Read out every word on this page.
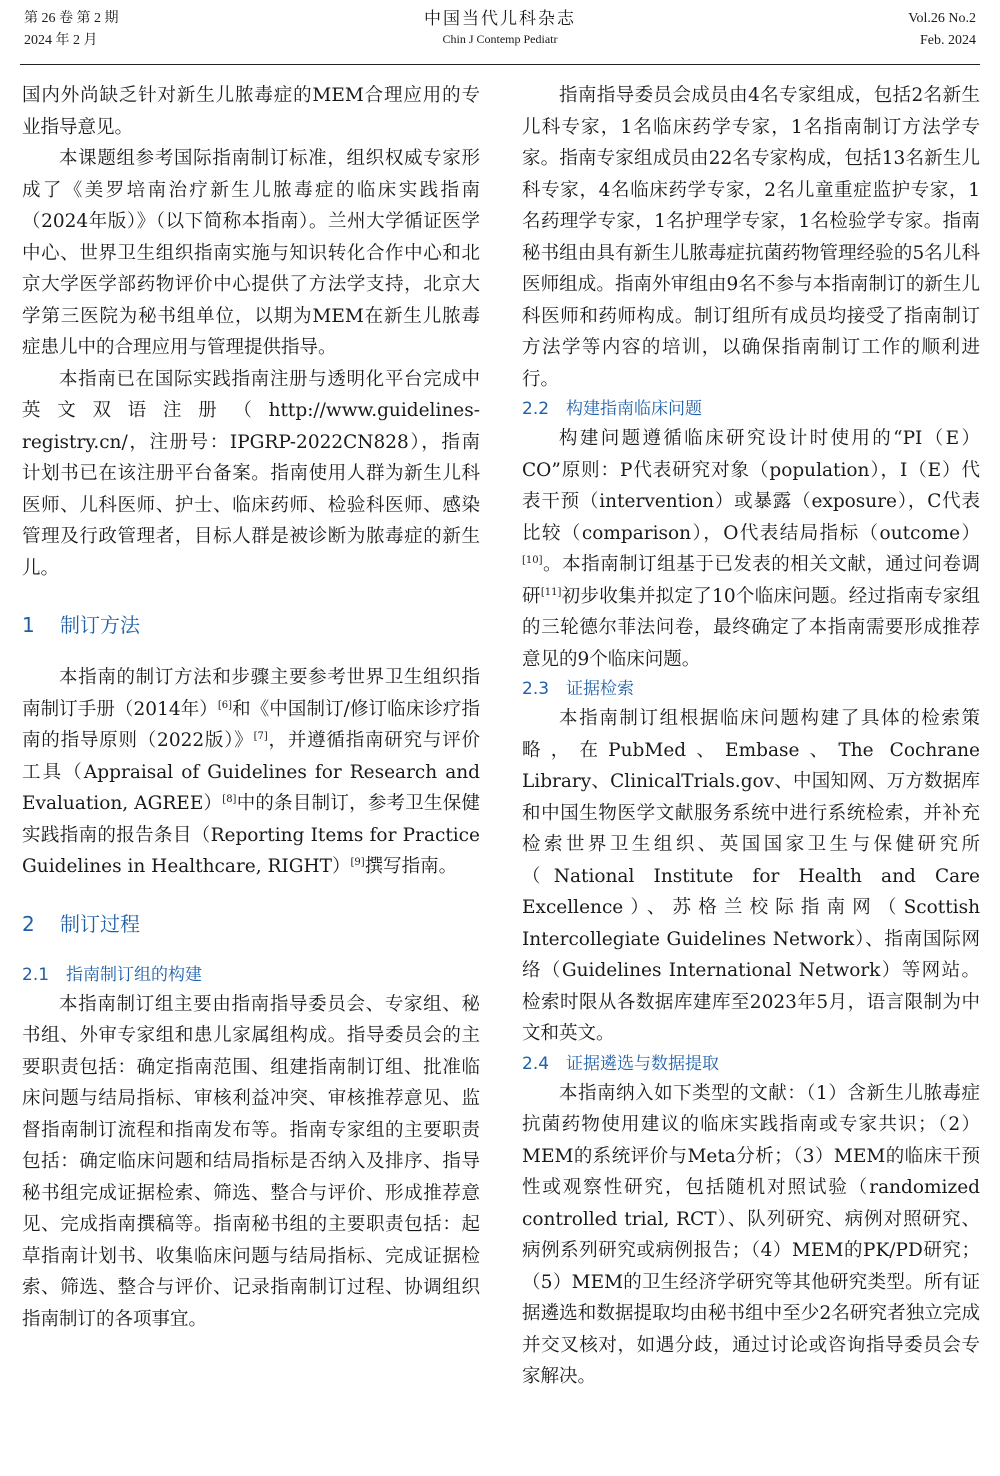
第 26 卷 第 2 期
2024 年 2 月
中国当代儿科杂志
Chin J Contemp Pediatr
Vol.26 No.2
Feb. 2024

国内外尚缺乏针对新生儿脓毒症的MEM合理应用的专业指导意见。

本课题组参考国际指南制订标准，组织权威专家形成了《美罗培南治疗新生儿脓毒症的临床实践指南（2024年版）》（以下简称本指南）。兰州大学循证医学中心、世界卫生组织指南实施与知识转化合作中心和北京大学医学部药物评价中心提供了方法学支持，北京大学第三医院为秘书组单位，以期为MEM在新生儿脓毒症患儿中的合理应用与管理提供指导。

本指南已在国际实践指南注册与透明化平台完成中英文双语注册（http://www.guidelines-registry.cn/，注册号：IPGRP-2022CN828），指南计划书已在该注册平台备案。指南使用人群为新生儿科医师、儿科医师、护士、临床药师、检验科医师、感染管理及行政管理者，目标人群是被诊断为脓毒症的新生儿。

1 制订方法

本指南的制订方法和步骤主要参考世界卫生组织指南制订手册（2014年）[6]和《中国制订/修订临床诊疗指南的指导原则（2022版）》[7]，并遵循指南研究与评价工具（Appraisal of Guidelines for Research and Evaluation, AGREE）[8]中的条目制订，参考卫生保健实践指南的报告条目（Reporting Items for Practice Guidelines in Healthcare, RIGHT）[9]撰写指南。

2 制订过程
2.1 指南制订组的构建

本指南制订组主要由指南指导委员会、专家组、秘书组、外审专家组和患儿家属组构成。指导委员会的主要职责包括：确定指南范围、组建指南制订组、批准临床问题与结局指标、审核利益冲突、审核推荐意见、监督指南制订流程和指南发布等。指南专家组的主要职责包括：确定临床问题和结局指标是否纳入及排序、指导秘书组完成证据检索、筛选、整合与评价、形成推荐意见、完成指南撰稿等。指南秘书组的主要职责包括：起草指南计划书、收集临床问题与结局指标、完成证据检索、筛选、整合与评价、记录指南制订过程、协调组织指南制订的各项事宜。

指南指导委员会成员由4名专家组成，包括2名新生儿科专家，1名临床药学专家，1名指南制订方法学专家。指南专家组成员由22名专家构成，包括13名新生儿科专家，4名临床药学专家，2名儿童重症监护专家，1名药理学专家，1名护理学专家，1名检验学专家。指南秘书组由具有新生儿脓毒症抗菌药物管理经验的5名儿科医师组成。指南外审组由9名不参与本指南制订的新生儿科医师和药师构成。制订组所有成员均接受了指南制订方法学等内容的培训，以确保指南制订工作的顺利进行。

2.2 构建指南临床问题

构建问题遵循临床研究设计时使用的“PI（E）CO”原则：P代表研究对象（population），I（E）代表干预（intervention）或暴露（exposure），C代表比较（comparison），O代表结局指标（outcome）[10]。本指南制订组基于已发表的相关文献，通过问卷调研[11]初步收集并拟定了10个临床问题。经过指南专家组的三轮德尔菲法问卷，最终确定了本指南需要形成推荐意见的9个临床问题。

2.3 证据检索

本指南制订组根据临床问题构建了具体的检索策略，在PubMed、Embase、The Cochrane Library、ClinicalTrials.gov、中国知网、万方数据库和中国生物医学文献服务系统中进行系统检索，并补充检索世界卫生组织、英国国家卫生与保健研究所（National Institute for Health and Care Excellence）、苏格兰校际指南网（Scottish Intercollegiate Guidelines Network）、指南国际网络（Guidelines International Network）等网站。检索时限从各数据库建库至2023年5月，语言限制为中文和英文。

2.4 证据遴选与数据提取

本指南纳入如下类型的文献：（1）含新生儿脓毒症抗菌药物使用建议的临床实践指南或专家共识；（2）MEM的系统评价与Meta分析；（3）MEM的临床干预性或观察性研究，包括随机对照试验（randomized controlled trial, RCT）、队列研究、病例对照研究、病例系列研究或病例报告；（4）MEM的PK/PD研究；（5）MEM的卫生经济学研究等其他研究类型。所有证据遴选和数据提取均由秘书组中至少2名研究者独立完成并交叉核对，如遇分歧，通过讨论或咨询指导委员会专家解决。
